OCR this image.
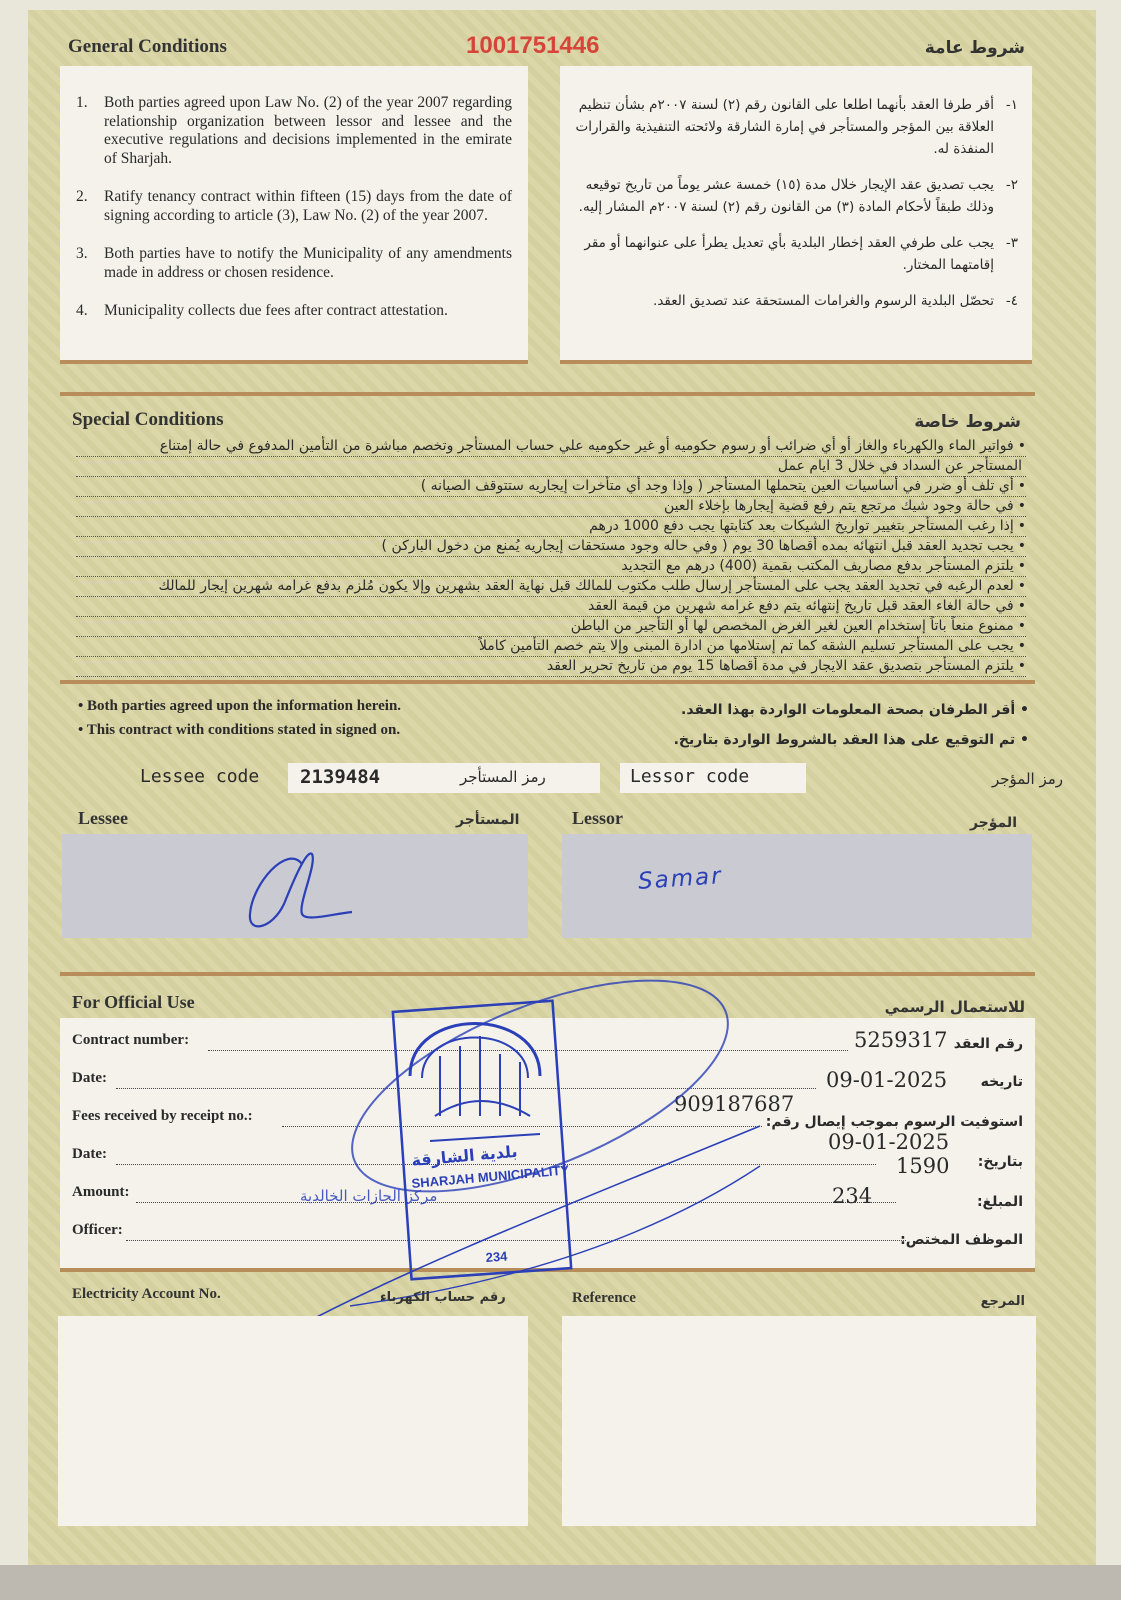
General Conditions	1001751446	شروط عامة
1.	Both parties agreed upon Law No. (2) of the year 2007 regarding relationship organization between lessor and lessee and the executive regulations and decisions implemented in the emirate of Sharjah.
2.	Ratify tenancy contract within fifteen (15) days from the date of signing according to article (3), Law No. (2) of the year 2007.
3.	Both parties have to notify the Municipality of any amendments made in address or chosen residence.
4.	Municipality collects due fees after contract attestation.
١-
أقر طرفا العقد بأنهما اطلعا على القانون رقم (٢) لسنة ٢٠٠٧م بشأن تنظيم العلاقة بين المؤجر والمستأجر في إمارة الشارقة ولائحته التنفيذية والقرارات المنفذة له.
٢-
يجب تصديق عقد الإيجار خلال مدة (١٥) خمسة عشر يوماً من تاريخ توقيعه وذلك طبقاً لأحكام المادة (٣) من القانون رقم (٢) لسنة ٢٠٠٧م المشار إليه.
٣-
يجب على طرفي العقد إخطار البلدية بأي تعديل يطرأ على عنوانهما أو مقر إقامتهما المختار.
٤-
تحصّل البلدية الرسوم والغرامات المستحقة عند تصديق العقد.
Special Conditions	شروط خاصة
•فواتير الماء والكهرباء والغاز أو أي ضرائب أو رسوم حكوميه أو غير حكوميه علي حساب المستأجر وتخصم مباشرة من التأمين المدفوع في حالة إمتناع
المستأجر عن السداد في خلال 3 ايام عمل
•أي تلف أو ضرر في أساسيات العين يتحملها المستأجر ( وإذا وجد أي متأخرات إيجاريه ستتوقف الصيانه )
•في حالة وجود شيك مرتجع يتم رفع قضية إيجارها بإخلاء العين
•إذا رغب المستأجر بتغيير تواريخ الشيكات بعد كتابتها يجب دفع 1000 درهم
•يجب تجديد العقد قبل انتهائه بمده أقصاها 30 يوم ( وفي حاله وجود مستحقات إيجاريه يُمنع من دخول الباركن )
•يلتزم المستأجر بدفع مصاريف المكتب بقمية (400) درهم مع التجديد
•لعدم الرغبه في تجديد العقد يجب على المستأجر إرسال طلب مكتوب للمالك قبل نهاية العقد بشهرين وإلا يكون مُلزم بدفع غرامه شهرين إيجار للمالك
•في حالة الغاء العقد قبل تاريخ إنتهائه يتم دفع غرامه شهرين من قيمة العقد
•ممنوع منعاً باتاً إستخدام العين لغير الغرض المخصص لها أو التأجير من الباطن
•يجب على المستأجر تسليم الشقه كما تم إستلامها من ادارة المبنى وإلا يتم خصم التأمين كاملاً
•يلتزم المستأجر بتصديق عقد الايجار في مدة أقصاها 15 يوم من تاريخ تحرير العقد
• Both parties agreed upon the information herein.
• This contract with conditions stated in signed on.
• أقر الطرفان بصحة المعلومات الواردة بهذا العقد.
• تم التوقيع على هذا العقد بالشروط الواردة بتاريخ.
Lessee code 2139484	رمز المستأجر	Lessor code	رمز المؤجر
Lessee	المستأجر	Lessor	المؤجر
Samar
For Official Use	للاستعمال الرسمي
Contract number:	5259317 رقم العقد
Date:	09-01-2025 تاريخه
Fees received by receipt no.:	909187687
استوفيت الرسوم بموجب إيصال رقم:
Date:	09-01-2025
1590 بتاريخ:
Amount:	234	المبلغ:
Officer:
الموظف المختص:
بلدية الشارقة
SHARJAH MUNICIPALITY
مركز الجازات الخالدية
234
Electricity Account No.	رقم حساب الكهرباء	Reference	المرجع
